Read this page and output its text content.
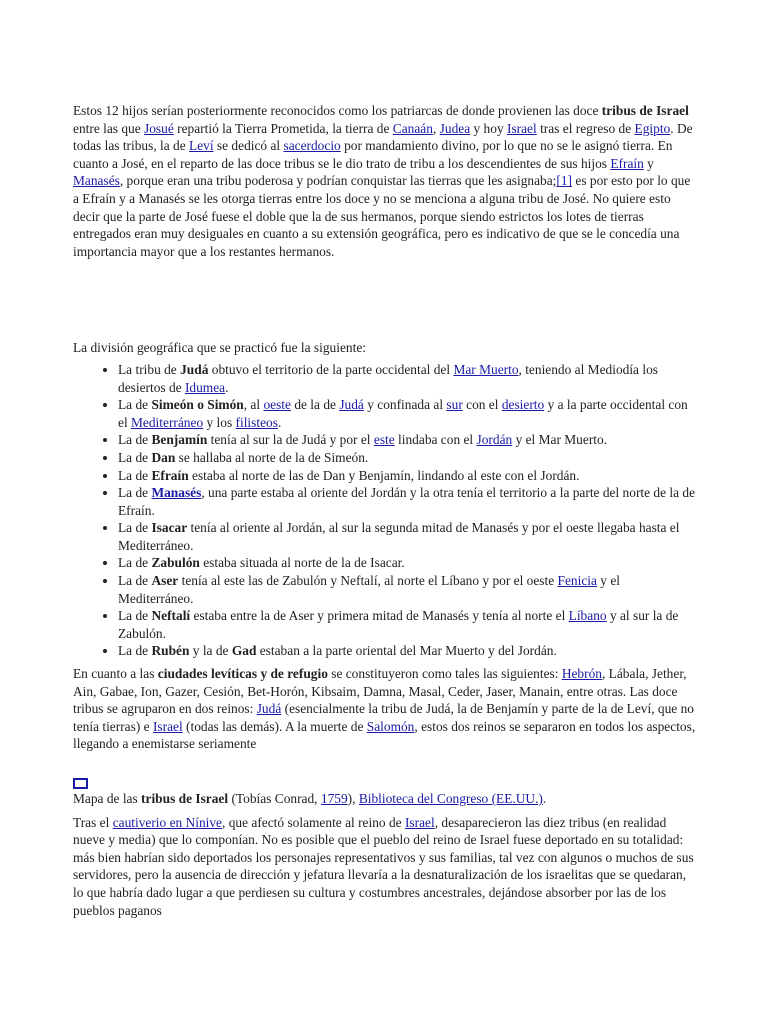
Estos 12 hijos serían posteriormente reconocidos como los patriarcas de donde provienen las doce tribus de Israel entre las que Josué repartió la Tierra Prometida, la tierra de Canaán, Judea y hoy Israel tras el regreso de Egipto. De todas las tribus, la de Leví se dedicó al sacerdocio por mandamiento divino, por lo que no se le asignó tierra. En cuanto a José, en el reparto de las doce tribus se le dio trato de tribu a los descendientes de sus hijos Efraín y Manasés, porque eran una tribu poderosa y podrían conquistar las tierras que les asignaba;[1] es por esto por lo que a Efraín y a Manasés se les otorga tierras entre los doce y no se menciona a alguna tribu de José. No quiere esto decir que la parte de José fuese el doble que la de sus hermanos, porque siendo estrictos los lotes de tierras entregados eran muy desiguales en cuanto a su extensión geográfica, pero es indicativo de que se le concedía una importancia mayor que a los restantes hermanos.

La división geográfica que se practicó fue la siguiente:

• La tribu de Judá obtuvo el territorio de la parte occidental del Mar Muerto, teniendo al Mediodía los desiertos de Idumea.
• La de Simeón o Simón, al oeste de la de Judá y confinada al sur con el desierto y a la parte occidental con el Mediterráneo y los filisteos.
• La de Benjamín tenía al sur la de Judá y por el este lindaba con el Jordán y el Mar Muerto.
• La de Dan se hallaba al norte de la de Simeón.
• La de Efraín estaba al norte de las de Dan y Benjamín, lindando al este con el Jordán.
• La de Manasés, una parte estaba al oriente del Jordán y la otra tenía el territorio a la parte del norte de la de Efraín.
• La de Isacar tenía al oriente al Jordán, al sur la segunda mitad de Manasés y por el oeste llegaba hasta el Mediterráneo.
• La de Zabulón estaba situada al norte de la de Isacar.
• La de Aser tenía al este las de Zabulón y Neftalí, al norte el Líbano y por el oeste Fenicia y el Mediterráneo.
• La de Neftalí estaba entre la de Aser y primera mitad de Manasés y tenía al norte el Líbano y al sur la de Zabulón.
• La de Rubén y la de Gad estaban a la parte oriental del Mar Muerto y del Jordán.

En cuanto a las ciudades levíticas y de refugio se constituyeron como tales las siguientes: Hebrón, Lábala, Jether, Ain, Gabae, Ion, Gazer, Cesión, Bet-Horón, Kibsaim, Damna, Masal, Ceder, Jaser, Manain, entre otras. Las doce tribus se agruparon en dos reinos: Judá (esencialmente la tribu de Judá, la de Benjamín y parte de la de Leví, que no tenía tierras) e Israel (todas las demás). A la muerte de Salomón, estos dos reinos se separaron en todos los aspectos, llegando a enemistarse seriamente

Mapa de las tribus de Israel (Tobías Conrad, 1759), Biblioteca del Congreso (EE.UU.).

Tras el cautiverio en Nínive, que afectó solamente al reino de Israel, desaparecieron las diez tribus (en realidad nueve y media) que lo componían. No es posible que el pueblo del reino de Israel fuese deportado en su totalidad: más bien habrían sido deportados los personajes representativos y sus familias, tal vez con algunos o muchos de sus servidores, pero la ausencia de dirección y jefatura llevaría a la desnaturalización de los israelitas que se quedaran, lo que habría dado lugar a que perdiesen su cultura y costumbres ancestrales, dejándose absorber por las de los pueblos paganos
